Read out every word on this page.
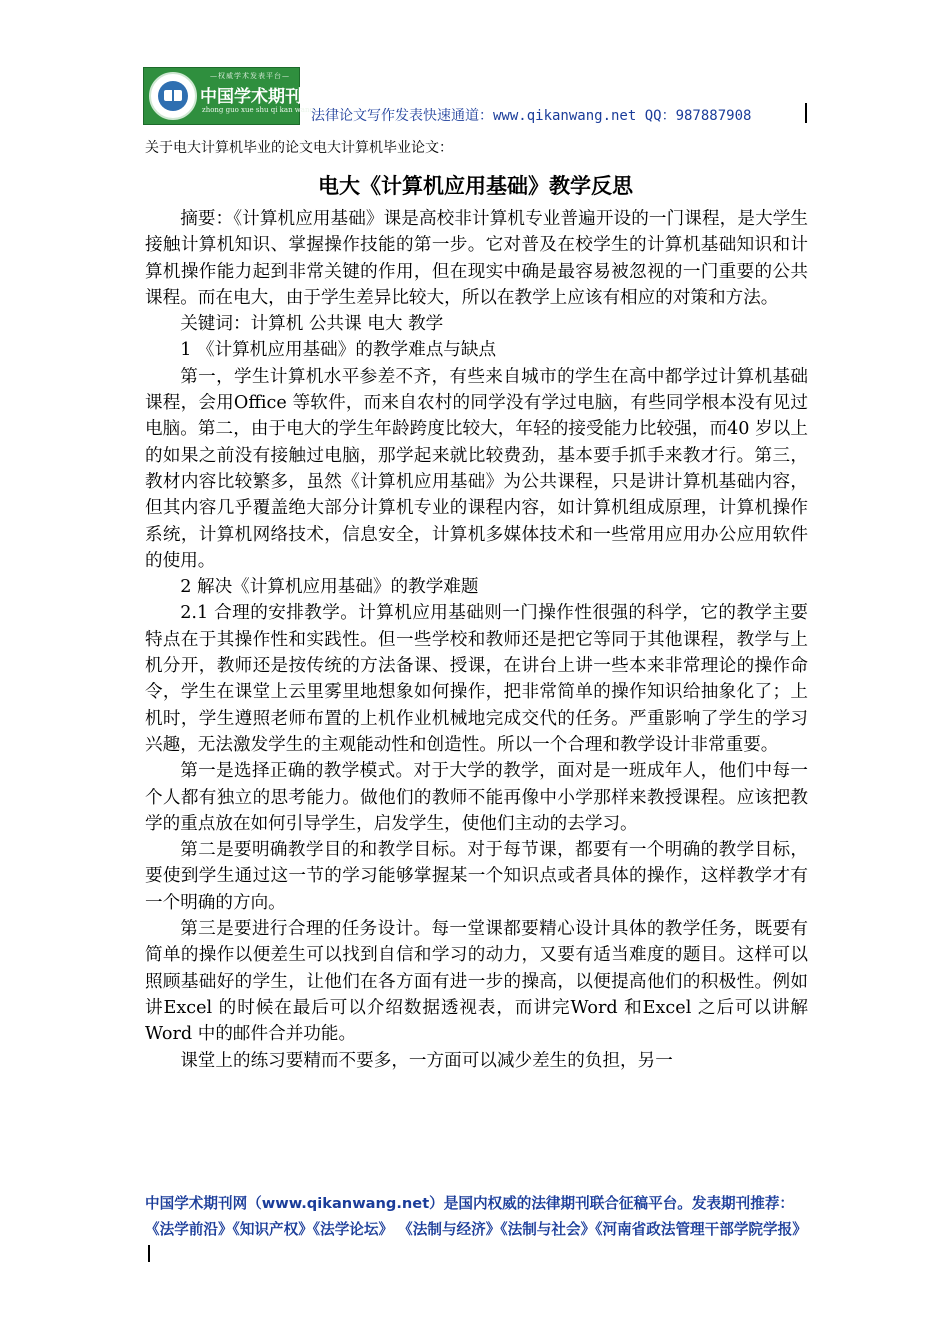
—权威学术发表平台—
中国学术期刊网
zhong guo xue shu qi kan wang
法律论文写作发表快速通道：www.qikanwang.net QQ：987887908
关于电大计算机毕业的论文电大计算机毕业论文：
电大《计算机应用基础》教学反思

摘要：《计算机应用基础》课是高校非计算机专业普遍开设的一门课程，是大学生接触计算机知识、掌握操作技能的第一步。它对普及在校学生的计算机基础知识和计算机操作能力起到非常关键的作用，但在现实中确是最容易被忽视的一门重要的公共课程。而在电大，由于学生差异比较大，所以在教学上应该有相应的对策和方法。

关键词：计算机 公共课 电大 教学

1 《计算机应用基础》的教学难点与缺点

第一，学生计算机水平参差不齐，有些来自城市的学生在高中都学过计算机基础课程，会用Office 等软件，而来自农村的同学没有学过电脑，有些同学根本没有见过电脑。第二，由于电大的学生年龄跨度比较大，年轻的接受能力比较强，而40 岁以上的如果之前没有接触过电脑，那学起来就比较费劲，基本要手抓手来教才行。第三，教材内容比较繁多，虽然《计算机应用基础》为公共课程，只是讲计算机基础内容，但其内容几乎覆盖绝大部分计算机专业的课程内容，如计算机组成原理，计算机操作系统，计算机网络技术，信息安全，计算机多媒体技术和一些常用应用办公应用软件的使用。

2 解决《计算机应用基础》的教学难题

2.1 合理的安排教学。计算机应用基础则一门操作性很强的科学，它的教学主要特点在于其操作性和实践性。但一些学校和教师还是把它等同于其他课程，教学与上机分开，教师还是按传统的方法备课、授课，在讲台上讲一些本来非常理论的操作命令，学生在课堂上云里雾里地想象如何操作，把非常简单的操作知识给抽象化了；上机时，学生遵照老师布置的上机作业机械地完成交代的任务。严重影响了学生的学习兴趣，无法激发学生的主观能动性和创造性。所以一个合理和教学设计非常重要。

第一是选择正确的教学模式。对于大学的教学，面对是一班成年人，他们中每一个人都有独立的思考能力。做他们的教师不能再像中小学那样来教授课程。应该把教学的重点放在如何引导学生，启发学生，使他们主动的去学习。

第二是要明确教学目的和教学目标。对于每节课，都要有一个明确的教学目标，要使到学生通过这一节的学习能够掌握某一个知识点或者具体的操作，这样教学才有一个明确的方向。

第三是要进行合理的任务设计。每一堂课都要精心设计具体的教学任务，既要有简单的操作以便差生可以找到自信和学习的动力，又要有适当难度的题目。这样可以照顾基础好的学生，让他们在各方面有进一步的操高，以便提高他们的积极性。例如讲Excel 的时候在最后可以介绍数据透视表，而讲完Word 和Excel 之后可以讲解Word 中的邮件合并功能。

课堂上的练习要精而不要多，一方面可以减少差生的负担，另一

中国学术期刊网（www.qikanwang.net）是国内权威的法律期刊联合征稿平台。发表期刊推荐：《法学前沿》《知识产权》《法学论坛》 《法制与经济》《法制与社会》《河南省政法管理干部学院学报》
